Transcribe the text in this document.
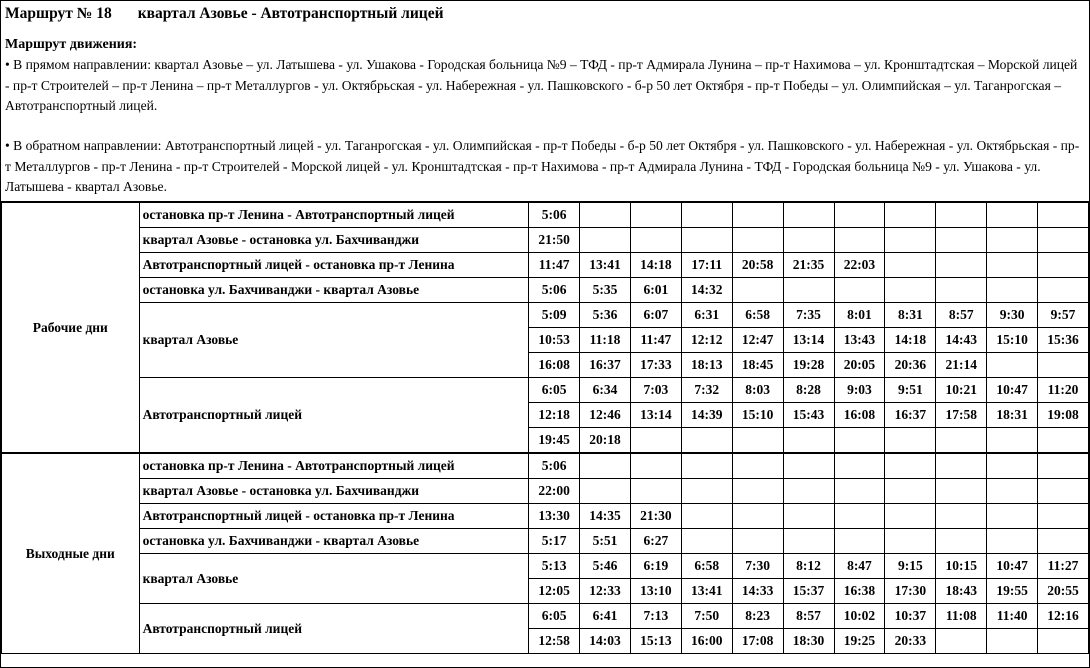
Маршрут № 18 квартал Азовье - Автотранспортный лицей
Маршрут движения:
• В прямом направлении: квартал Азовье – ул. Латышева - ул. Ушакова - Городская больница №9 – ТФД - пр-т Адмирала Лунина – пр-т Нахимова – ул. Кронштадтская – Морской лицей - пр-т Строителей – пр-т Ленина – пр-т Металлургов - ул. Октябрьская - ул. Набережная - ул. Пашковского - б-р 50 лет Октября - пр-т Победы – ул. Олимпийская – ул. Таганрогская – Автотранспортный лицей.
• В обратном направлении: Автотранспортный лицей - ул. Таганрогская - ул. Олимпийская - пр-т Победы - б-р 50 лет Октября - ул. Пашковского - ул. Набережная - ул. Октябрьская - пр-т Металлургов - пр-т Ленина - пр-т Строителей - Морской лицей - ул. Кронштадтская - пр-т Нахимова - пр-т Адмирала Лунина - ТФД - Городская больница №9 - ул. Ушакова - ул. Латышева - квартал Азовье.
Рабочие дни	остановка пр-т Ленина - Автотранспортный лицей	5:06										
	квартал Азовье - остановка ул. Бахчиванджи	21:50										
	Автотранспортный лицей - остановка пр-т Ленина	11:47	13:41	14:18	17:11	20:58	21:35	22:03				
	остановка ул. Бахчиванджи - квартал Азовье	5:06	5:35	6:01	14:32							
	квартал Азовье	5:09	5:36	6:07	6:31	6:58	7:35	8:01	8:31	8:57	9:30	9:57
		10:53	11:18	11:47	12:12	12:47	13:14	13:43	14:18	14:43	15:10	15:36
		16:08	16:37	17:33	18:13	18:45	19:28	20:05	20:36	21:14		
	Автотранспортный лицей	6:05	6:34	7:03	7:32	8:03	8:28	9:03	9:51	10:21	10:47	11:20
		12:18	12:46	13:14	14:39	15:10	15:43	16:08	16:37	17:58	18:31	19:08
		19:45	20:18									
Выходные дни	остановка пр-т Ленина - Автотранспортный лицей	5:06										
	квартал Азовье - остановка ул. Бахчиванджи	22:00										
	Автотранспортный лицей - остановка пр-т Ленина	13:30	14:35	21:30								
	остановка ул. Бахчиванджи - квартал Азовье	5:17	5:51	6:27								
	квартал Азовье	5:13	5:46	6:19	6:58	7:30	8:12	8:47	9:15	10:15	10:47	11:27
		12:05	12:33	13:10	13:41	14:33	15:37	16:38	17:30	18:43	19:55	20:55
	Автотранспортный лицей	6:05	6:41	7:13	7:50	8:23	8:57	10:02	10:37	11:08	11:40	12:16
		12:58	14:03	15:13	16:00	17:08	18:30	19:25	20:33			
